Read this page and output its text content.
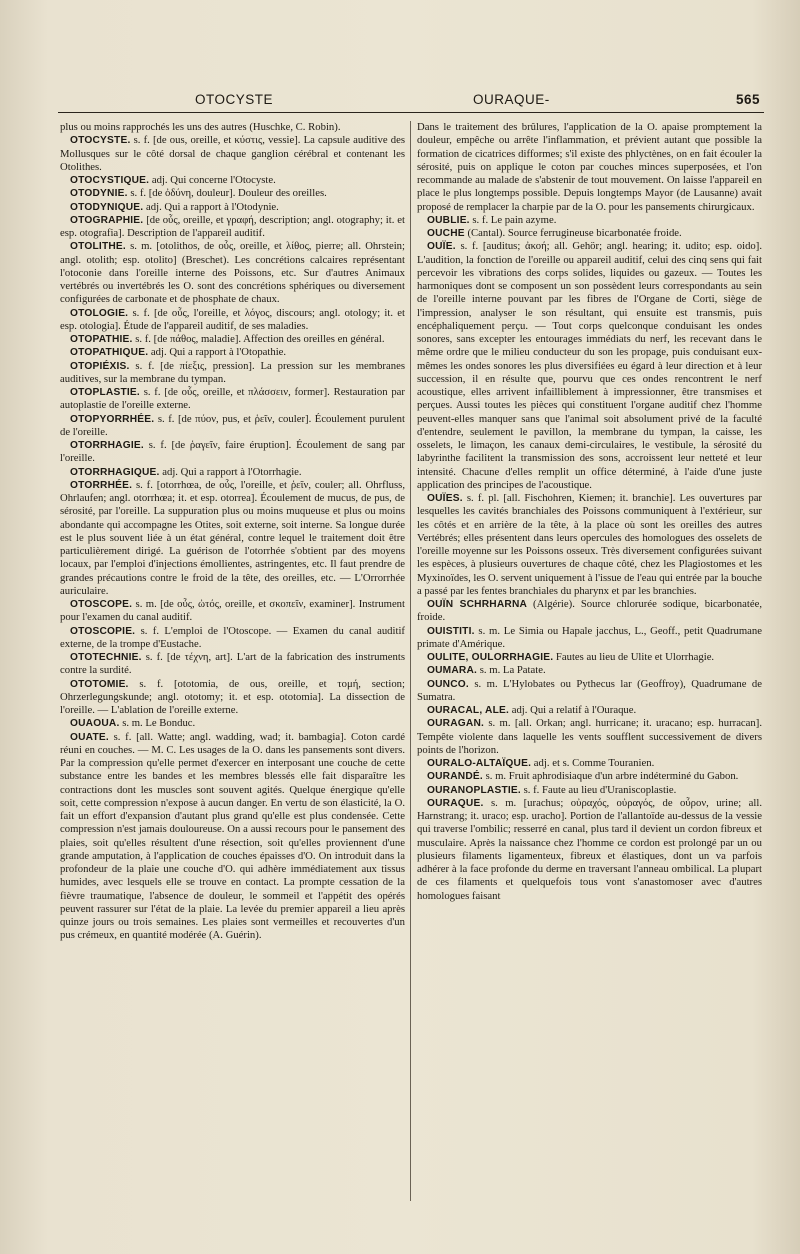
OTOCYSTE	OURAQUE-	565

plus ou moins rapprochés les uns des autres (Huschke, C. Robin).

OTOCYSTE. s. f. [de ous, oreille, et κύστις, vessie]. La capsule auditive des Mollusques sur le côté dorsal de chaque ganglion cérébral et contenant les Otolithes.

OTOCYSTIQUE. adj. Qui concerne l'Otocyste.

OTODYNIE. s. f. [de ὀδύνη, douleur]. Douleur des oreilles.

OTODYNIQUE. adj. Qui a rapport à l'Otodynie.

OTOGRAPHIE. [de οὖς, oreille, et γραφή, description; angl. otography; it. et esp. otografia]. Description de l'appareil auditif.

OTOLITHE. s. m. [otolithos, de οὖς, oreille, et λίθος, pierre; all. Ohrstein; angl. otolith; esp. otolito] (Breschet). Les concrétions calcaires représentant l'otoconie dans l'oreille interne des Poissons, etc. Sur d'autres Animaux vertébrés ou invertébrés les O. sont des concrétions sphériques ou diversement configurées de carbonate et de phosphate de chaux.

OTOLOGIE. s. f. [de οὖς, l'oreille, et λόγος, discours; angl. otology; it. et esp. otologia]. Étude de l'appareil auditif, de ses maladies.

OTOPATHIE. s. f. [de πάθος, maladie]. Affection des oreilles en général.

OTOPATHIQUE. adj. Qui a rapport à l'Otopathie.

OTOPIÉXIS. s. f. [de πίεξις, pression]. La pression sur les membranes auditives, sur la membrane du tympan.

OTOPLASTIE. s. f. [de οὖς, oreille, et πλάσσειν, former]. Restauration par autoplastie de l'oreille externe.

OTOPYORRHÉE. s. f. [de πύον, pus, et ῥεῖν, couler]. Écoulement purulent de l'oreille.

OTORRHAGIE. s. f. [de ῥαγεῖν, faire éruption]. Écoulement de sang par l'oreille.

OTORRHAGIQUE. adj. Qui a rapport à l'Otorrhagie.

OTORRHÉE. s. f. [otorrhœa, de οὖς, l'oreille, et ῥεῖν, couler; all. Ohrfluss, Ohrlaufen; angl. otorrhœa; it. et esp. otorrea]. Écoulement de mucus, de pus, de sérosité, par l'oreille. La suppuration plus ou moins muqueuse et plus ou moins abondante qui accompagne les Otites, soit externe, soit interne. Sa longue durée est le plus souvent liée à un état général, contre lequel le traitement doit être particulièrement dirigé. La guérison de l'otorrhée s'obtient par des moyens locaux, par l'emploi d'injections émollientes, astringentes, etc. Il faut prendre de grandes précautions contre le froid de la tête, des oreilles, etc. — L'Orrorrhée auriculaire.

OTOSCOPE. s. m. [de οὖς, ὠτός, oreille, et σκοπεῖν, examiner]. Instrument pour l'examen du canal auditif.

OTOSCOPIE. s. f. L'emploi de l'Otoscope. — Examen du canal auditif externe, de la trompe d'Eustache.

OTOTECHNIE. s. f. [de τέχνη, art]. L'art de la fabrication des instruments contre la surdité.

OTOTOMIE. s. f. [ototomia, de ous, oreille, et τομή, section; Ohrzerlegungskunde; angl. ototomy; it. et esp. ototomia]. La dissection de l'oreille. — L'ablation de l'oreille externe.

OUAOUA. s. m. Le Bonduc.

OUATE. s. f. [all. Watte; angl. wadding, wad; it. bambagia]. Coton cardé réuni en couches. — M. C. Les usages de la O. dans les pansements sont divers. Par la compression qu'elle permet d'exercer en interposant une couche de cette substance entre les bandes et les membres blessés elle fait disparaître les contractions dont les muscles sont souvent agités. Quelque énergique qu'elle soit, cette compression n'expose à aucun danger. En vertu de son élasticité, la O. fait un effort d'expansion d'autant plus grand qu'elle est plus condensée. Cette compression n'est jamais douloureuse. On a aussi recours pour le pansement des plaies, soit qu'elles résultent d'une résection, soit qu'elles proviennent d'une grande amputation, à l'application de couches épaisses d'O. On introduit dans la profondeur de la plaie une couche d'O. qui adhère immédiatement aux tissus humides, avec lesquels elle se trouve en contact. La prompte cessation de la fièvre traumatique, l'absence de douleur, le sommeil et l'appétit des opérés peuvent rassurer sur l'état de la plaie. La levée du premier appareil a lieu après quinze jours ou trois semaines. Les plaies sont vermeilles et recouvertes d'un pus crémeux, en quantité modérée (A. Guérin).

Dans le traitement des brûlures, l'application de la O. apaise promptement la douleur, empêche ou arrête l'inflammation, et prévient autant que possible la formation de cicatrices difformes; s'il existe des phlyctènes, on en fait écouler la sérosité, puis on applique le coton par couches minces superposées, et l'on recommande au malade de s'abstenir de tout mouvement. On laisse l'appareil en place le plus longtemps possible. Depuis longtemps Mayor (de Lausanne) avait proposé de remplacer la charpie par de la O. pour les pansements chirurgicaux.

OUBLIE. s. f. Le pain azyme.

OUCHE (Cantal). Source ferrugineuse bicarbonatée froide.

OUÏE. s. f. [auditus; ἀκοή; all. Gehör; angl. hearing; it. udito; esp. oido]. L'audition, la fonction de l'oreille ou appareil auditif, celui des cinq sens qui fait percevoir les vibrations des corps solides, liquides ou gazeux. — Toutes les harmoniques dont se composent un son possèdent leurs correspondants au sein de l'oreille interne pouvant par les fibres de l'Organe de Corti, siège de l'impression, analyser le son résultant, qui ensuite est transmis, puis encéphaliquement perçu. — Tout corps quelconque conduisant les ondes sonores, sans excepter les entourages immédiats du nerf, les recevant dans le même ordre que le milieu conducteur du son les propage, puis conduisant eux-mêmes les ondes sonores les plus diversifiées eu égard à leur direction et à leur succession, il en résulte que, pourvu que ces ondes rencontrent le nerf acoustique, elles arrivent infailliblement à impressionner, être transmises et perçues. Aussi toutes les pièces qui constituent l'organe auditif chez l'homme peuvent-elles manquer sans que l'animal soit absolument privé de la faculté d'entendre, seulement le pavillon, la membrane du tympan, la caisse, les osselets, le limaçon, les canaux demi-circulaires, le vestibule, la sérosité du labyrinthe facilitent la transmission des sons, accroissent leur netteté et leur intensité. Chacune d'elles remplit un office déterminé, à l'aide d'une juste application des principes de l'acoustique.

OUÏES. s. f. pl. [all. Fischohren, Kiemen; it. branchie]. Les ouvertures par lesquelles les cavités branchiales des Poissons communiquent à l'extérieur, sur les côtés et en arrière de la tête, à la place où sont les oreilles des autres Vertébrés; elles présentent dans leurs opercules des homologues des osselets de l'oreille moyenne sur les Poissons osseux. Très diversement configurées suivant les espèces, à plusieurs ouvertures de chaque côté, chez les Plagiostomes et les Myxinoïdes, les O. servent uniquement à l'issue de l'eau qui entrée par la bouche a passé par les fentes branchiales du pharynx et par les branchies.

OUÏN SCHRHARNA (Algérie). Source chlorurée sodique, bicarbonatée, froide.

OUISTITI. s. m. Le Simia ou Hapale jacchus, L., Geoff., petit Quadrumane primate d'Amérique.

OULITE, OULORRHAGIE. Fautes au lieu de Ulite et Ulorrhagie.

OUMARA. s. m. La Patate.

OUNCO. s. m. L'Hylobates ou Pythecus lar (Geoffroy), Quadrumane de Sumatra.

OURACAL, ALE. adj. Qui a relatif à l'Ouraque.

OURAGAN. s. m. [all. Orkan; angl. hurricane; it. uracano; esp. hurracan]. Tempête violente dans laquelle les vents soufflent successivement de divers points de l'horizon.

OURALO-ALTAÏQUE. adj. et s. Comme Touranien.

OURANDÉ. s. m. Fruit aphrodisiaque d'un arbre indéterminé du Gabon.

OURANOPLASTIE. s. f. Faute au lieu d'Uraniscoplastie.

OURAQUE. s. m. [urachus; οὐραχός, οὐραγός, de οὖρον, urine; all. Harnstrang; it. uraco; esp. uracho]. Portion de l'allantoïde au-dessus de la vessie qui traverse l'ombilic; resserré en canal, plus tard il devient un cordon fibreux et musculaire. Après la naissance chez l'homme ce cordon est prolongé par un ou plusieurs filaments ligamenteux, fibreux et élastiques, dont un va parfois adhérer à la face profonde du derme en traversant l'anneau ombilical. La plupart de ces filaments et quelquefois tous vont s'anastomoser avec d'autres homologues faisant
